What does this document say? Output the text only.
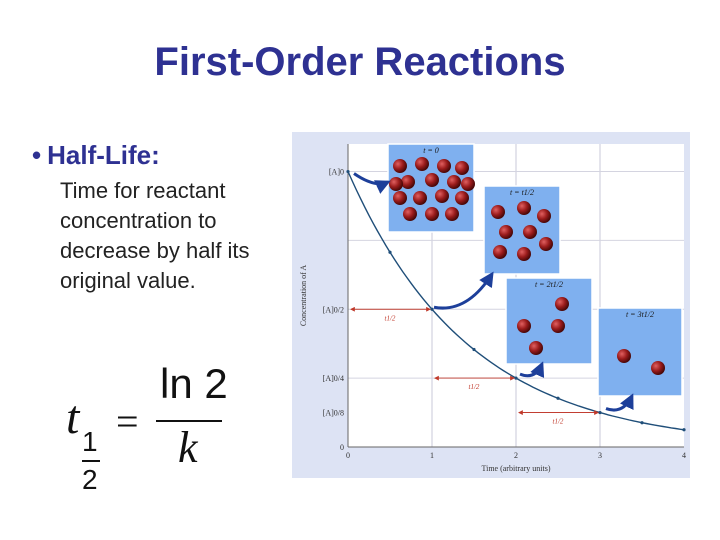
First-Order Reactions
• Half-Life:
Time for reactant concentration to decrease by half its original value.
t 1
2
=
ln 2
k	0	1	2	3	4
0
[A]0/8
[A]0/4
[A]0/2
[A]0
Time (arbitrary units)
Concentration of A	t1/2
t1/2
t1/2
t = 0
t = t1/2
t = 2t1/2
t = 3t1/2
